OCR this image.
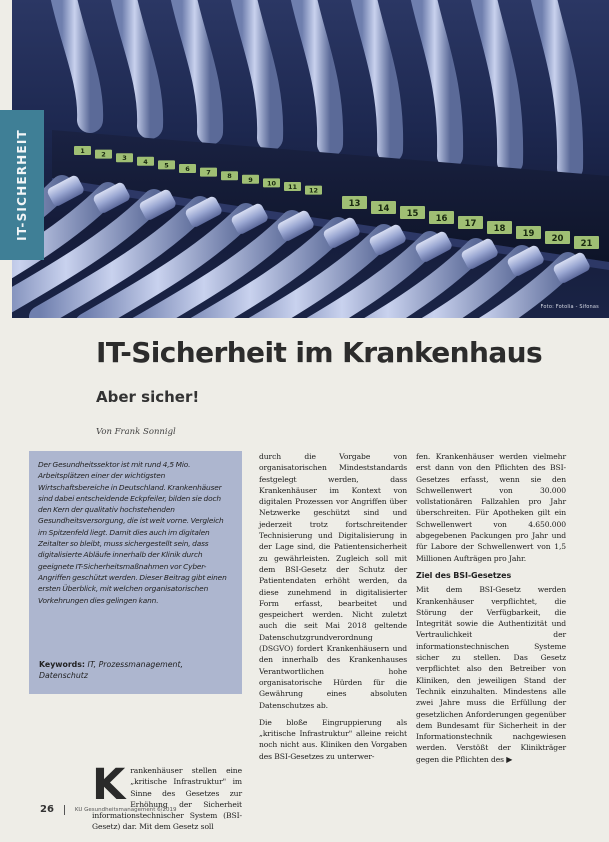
1	2	3	4	5	6	7	8	9 10 11 12
13 14 15 16 17 18 19 20 21
Foto: Fotolia - Sifonas
IT-SICHERHEIT
IT-Sicherheit im Krankenhaus
Aber sicher!
Von Frank Sonnigl

Der Gesundheitssektor ist mit rund 4,5 Mio. Arbeitsplätzen einer der wichtigsten Wirtschaftsbereiche in Deutschland. Krankenhäuser sind dabei entscheidende Eckpfeiler, bilden sie doch den Kern der qualitativ hochstehenden Gesundheitsversorgung, die ist weit vorne. Vergleich im Spitzenfeld liegt. Damit dies auch im digitalen Zeitalter so bleibt, muss sichergestellt sein, dass digitalisierte Abläufe innerhalb der Klinik durch geeignete IT-Sicherheitsmaßnahmen vor Cyber-Angriffen geschützt werden. Dieser Beitrag gibt einen ersten Überblick, mit welchen organisatorischen Vorkehrungen dies gelingen kann.

Keywords: IT, Prozessmanagement, Datenschutz
K rankenhäuser stellen eine „kritische Infrastruktur" im Sinne des Gesetzes zur Erhöhung der Sicherheit informationstechnischer System (BSI-Gesetz) dar. Mit dem Gesetz soll

durch die Vorgabe von organisatorischen Mindeststandards festgelegt werden, dass Krankenhäuser im Kontext von digitalen Prozessen vor Angriffen über Netzwerke geschützt sind und jederzeit trotz fortschreitender Technisierung und Digitalisierung in der Lage sind, die Patientensicherheit zu gewährleisten. Zugleich soll mit dem BSI-Gesetz der Schutz der Patientendaten erhöht werden, da diese zunehmend in digitalisierter Form erfasst, bearbeitet und gespeichert werden. Nicht zuletzt auch die seit Mai 2018 geltende Datenschutzgrundverordnung (DSGVO) fordert Krankenhäusern und den innerhalb des Krankenhauses Verantwortlichen hohe organisatorische Hürden für die Gewährung eines absoluten Datenschutzes ab.

Die bloße Eingruppierung als „kritische Infrastruktur" alleine reicht noch nicht aus. Kliniken den Vorgaben des BSI-Gesetzes zu unterwer-

fen. Krankenhäuser werden vielmehr erst dann von den Pflichten des BSI-Gesetzes erfasst, wenn sie den Schwellenwert von 30.000 vollstationären Fallzahlen pro Jahr überschreiten. Für Apotheken gilt ein Schwellenwert von 4.650.000 abgegebenen Packungen pro Jahr und für Labore der Schwellenwert von 1,5 Millionen Aufträgen pro Jahr.

Ziel des BSI-Gesetzes

Mit dem BSI-Gesetz werden Krankenhäuser verpflichtet, die Störung der Verfügbarkeit, die Integrität sowie die Authentizität und Vertraulichkeit der informationstechnischen Systeme sicher zu stellen. Das Gesetz verpflichtet also den Betreiber von Kliniken, den jeweiligen Stand der Technik einzuhalten. Mindestens alle zwei Jahre muss die Erfüllung der gesetzlichen Anforderungen gegenüber dem Bundesamt für Sicherheit in der Informationstechnik nachgewiesen werden. Verstößt der Klinikträger gegen die Pflichten des ▶

26	KU Gesundheitsmanagement 6/2019
